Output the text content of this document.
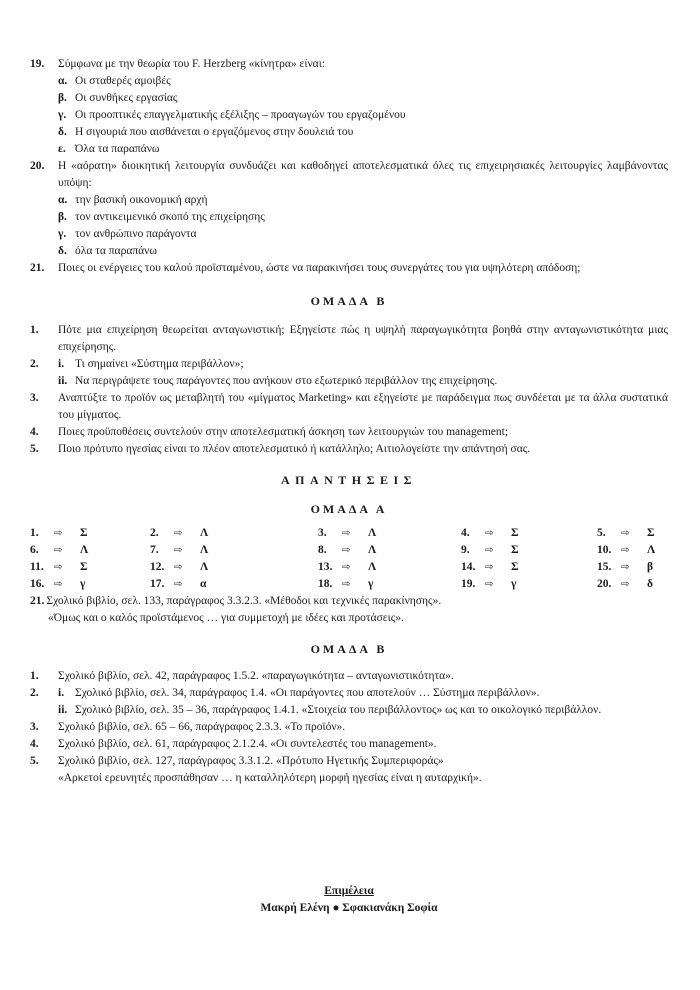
19. Σύμφωνα με την θεωρία του F. Herzberg «κίνητρα» είναι:
α. Οι σταθερές αμοιβές
β. Οι συνθήκες εργασίας
γ. Οι προοπτικές επαγγελματικής εξέλιξης – προαγωγών του εργαζομένου
δ. Η σιγουριά που αισθάνεται ο εργαζόμενος στην δουλειά του
ε. Όλα τα παραπάνω
20. Η «αόρατη» διοικητική λειτουργία συνδυάζει και καθοδηγεί αποτελεσματικά όλες τις επιχειρησιακές λειτουργίες λαμβάνοντας υπόψη:
α. την βασική οικονομική αρχή
β. τον αντικειμενικό σκοπό της επιχείρησης
γ. τον ανθρώπινο παράγοντα
δ. όλα τα παραπάνω
21. Ποιες οι ενέργειες του καλού προϊσταμένου, ώστε να παρακινήσει τους συνεργάτες του για υψηλότερη απόδοση;
ΟΜΑΔΑ Β
1. Πότε μια επιχείρηση θεωρείται ανταγωνιστική; Εξηγείστε πώς η υψηλή παραγωγικότητα βοηθά στην ανταγωνιστικότητα μιας επιχείρησης.
2. i. Τι σημαίνει «Σύστημα περιβάλλον»;
ii. Να περιγράψετε τους παράγοντες που ανήκουν στο εξωτερικό περιβάλλον της επιχείρησης.
3. Αναπτύξτε το προϊόν ως μεταβλητή του «μίγματος Marketing» και εξηγείστε με παράδειγμα πως συνδέεται με τα άλλα συστατικά του μίγματος.
4. Ποιες προϋποθέσεις συντελούν στην αποτελεσματική άσκηση των λειτουργιών του management;
5. Ποιο πρότυπο ηγεσίας είναι το πλέον αποτελεσματικό ή κατάλληλο; Αιτιολογείστε την απάντησή σας.
ΑΠΑΝΤΗΣΕΙΣ
ΟΜΑΔΑ Α
1. ⇨ Σ	2. ⇨ Λ	3. ⇨ Λ	4. ⇨ Σ	5. ⇨ Σ
6. ⇨ Λ	7. ⇨ Λ	8. ⇨ Λ	9. ⇨ Σ	10. ⇨ Λ
11. ⇨ Σ	12. ⇨ Λ	13. ⇨ Λ	14. ⇨ Σ	15. ⇨ β
16. ⇨ γ	17. ⇨ α	18. ⇨ γ	19. ⇨ γ	20. ⇨ δ
21. Σχολικό βιβλίο, σελ. 133, παράγραφος 3.3.2.3. «Μέθοδοι και τεχνικές παρακίνησης».
«Όμως και ο καλός προϊστάμενος … για συμμετοχή με ιδέες και προτάσεις».
ΟΜΑΔΑ Β
1. Σχολικό βιβλίο, σελ. 42, παράγραφος 1.5.2. «παραγωγικότητα – ανταγωνιστικότητα».
2. i. Σχολικό βιβλίο, σελ. 34, παράγραφος 1.4. «Οι παράγοντες που αποτελούν … Σύστημα περιβάλλον».
ii. Σχολικό βιβλίο, σελ. 35 – 36, παράγραφος 1.4.1. «Στοιχεία του περιβάλλοντος» ως και το οικολογικό περιβάλλον.
3. Σχολικό βιβλίο, σελ. 65 – 66, παράγραφος 2.3.3. «Το προϊόν».
4. Σχολικό βιβλίο, σελ. 61, παράγραφος 2.1.2.4. «Οι συντελεστές του management».
5. Σχολικό βιβλίο, σελ. 127, παράγραφος 3.3.1.2. «Πρότυπο Ηγετικής Συμπεριφοράς»
«Αρκετοί ερευνητές προσπάθησαν … η καταλληλότερη μορφή ηγεσίας είναι η αυταρχική».
Επιμέλεια
Μακρή Ελένη ● Σφακιανάκη Σοφία
